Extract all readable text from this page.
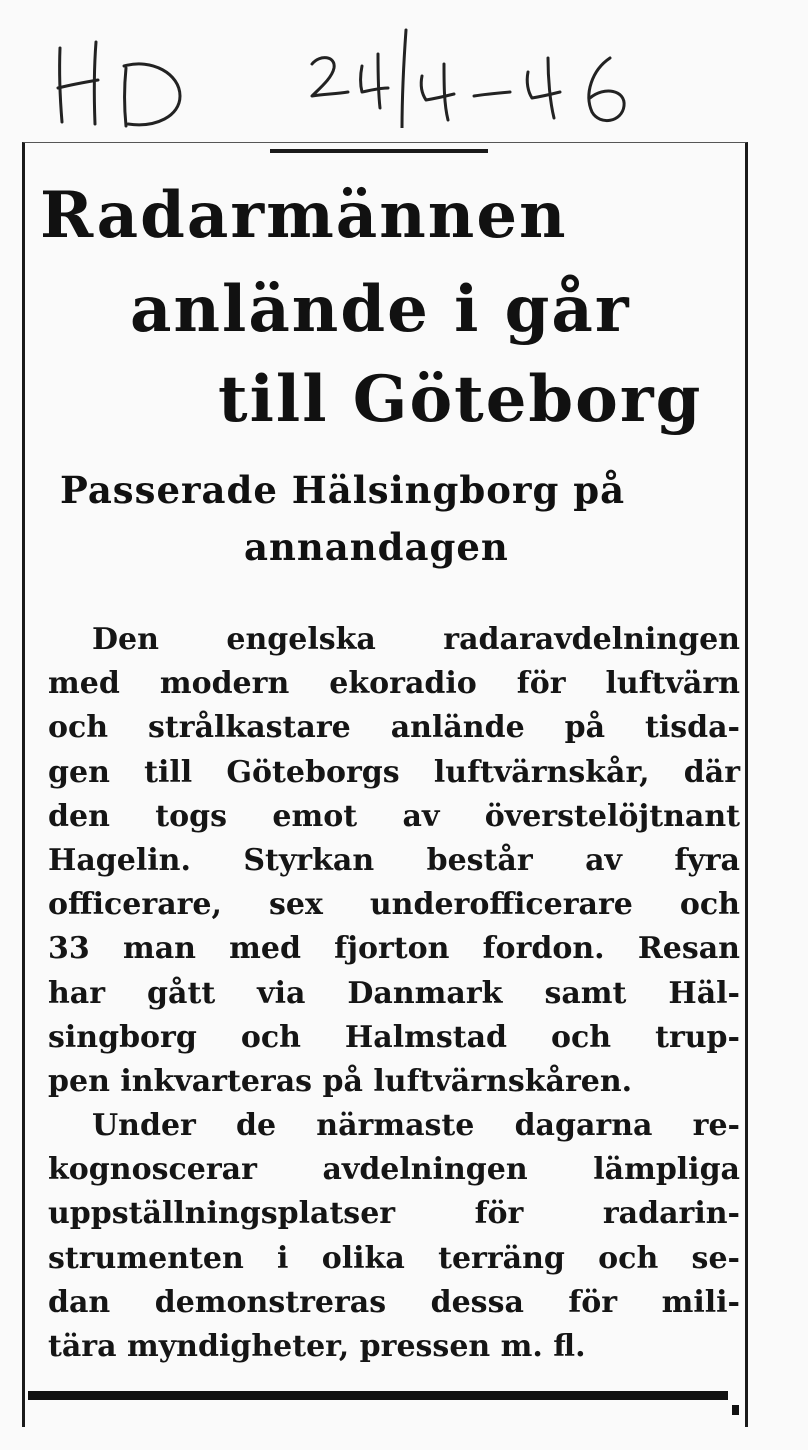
Radarmännen
anlände i går
till Göteborg
Passerade Hälsingborg på
annandagen
Den engelska radaravdelningen
med modern ekoradio för luftvärn
och strålkastare anlände på tisda-
gen till Göteborgs luftvärnskår, där
den togs emot av överstelöjtnant
Hagelin. Styrkan består av fyra
officerare, sex underofficerare och
33 man med fjorton fordon. Resan
har gått via Danmark samt Häl-
singborg och Halmstad och trup-
pen inkvarteras på luftvärnskåren.
Under de närmaste dagarna re-
kognoscerar avdelningen lämpliga
uppställningsplatser för radarin-
strumenten i olika terräng och se-
dan demonstreras dessa för mili-
tära myndigheter, pressen m. fl.
